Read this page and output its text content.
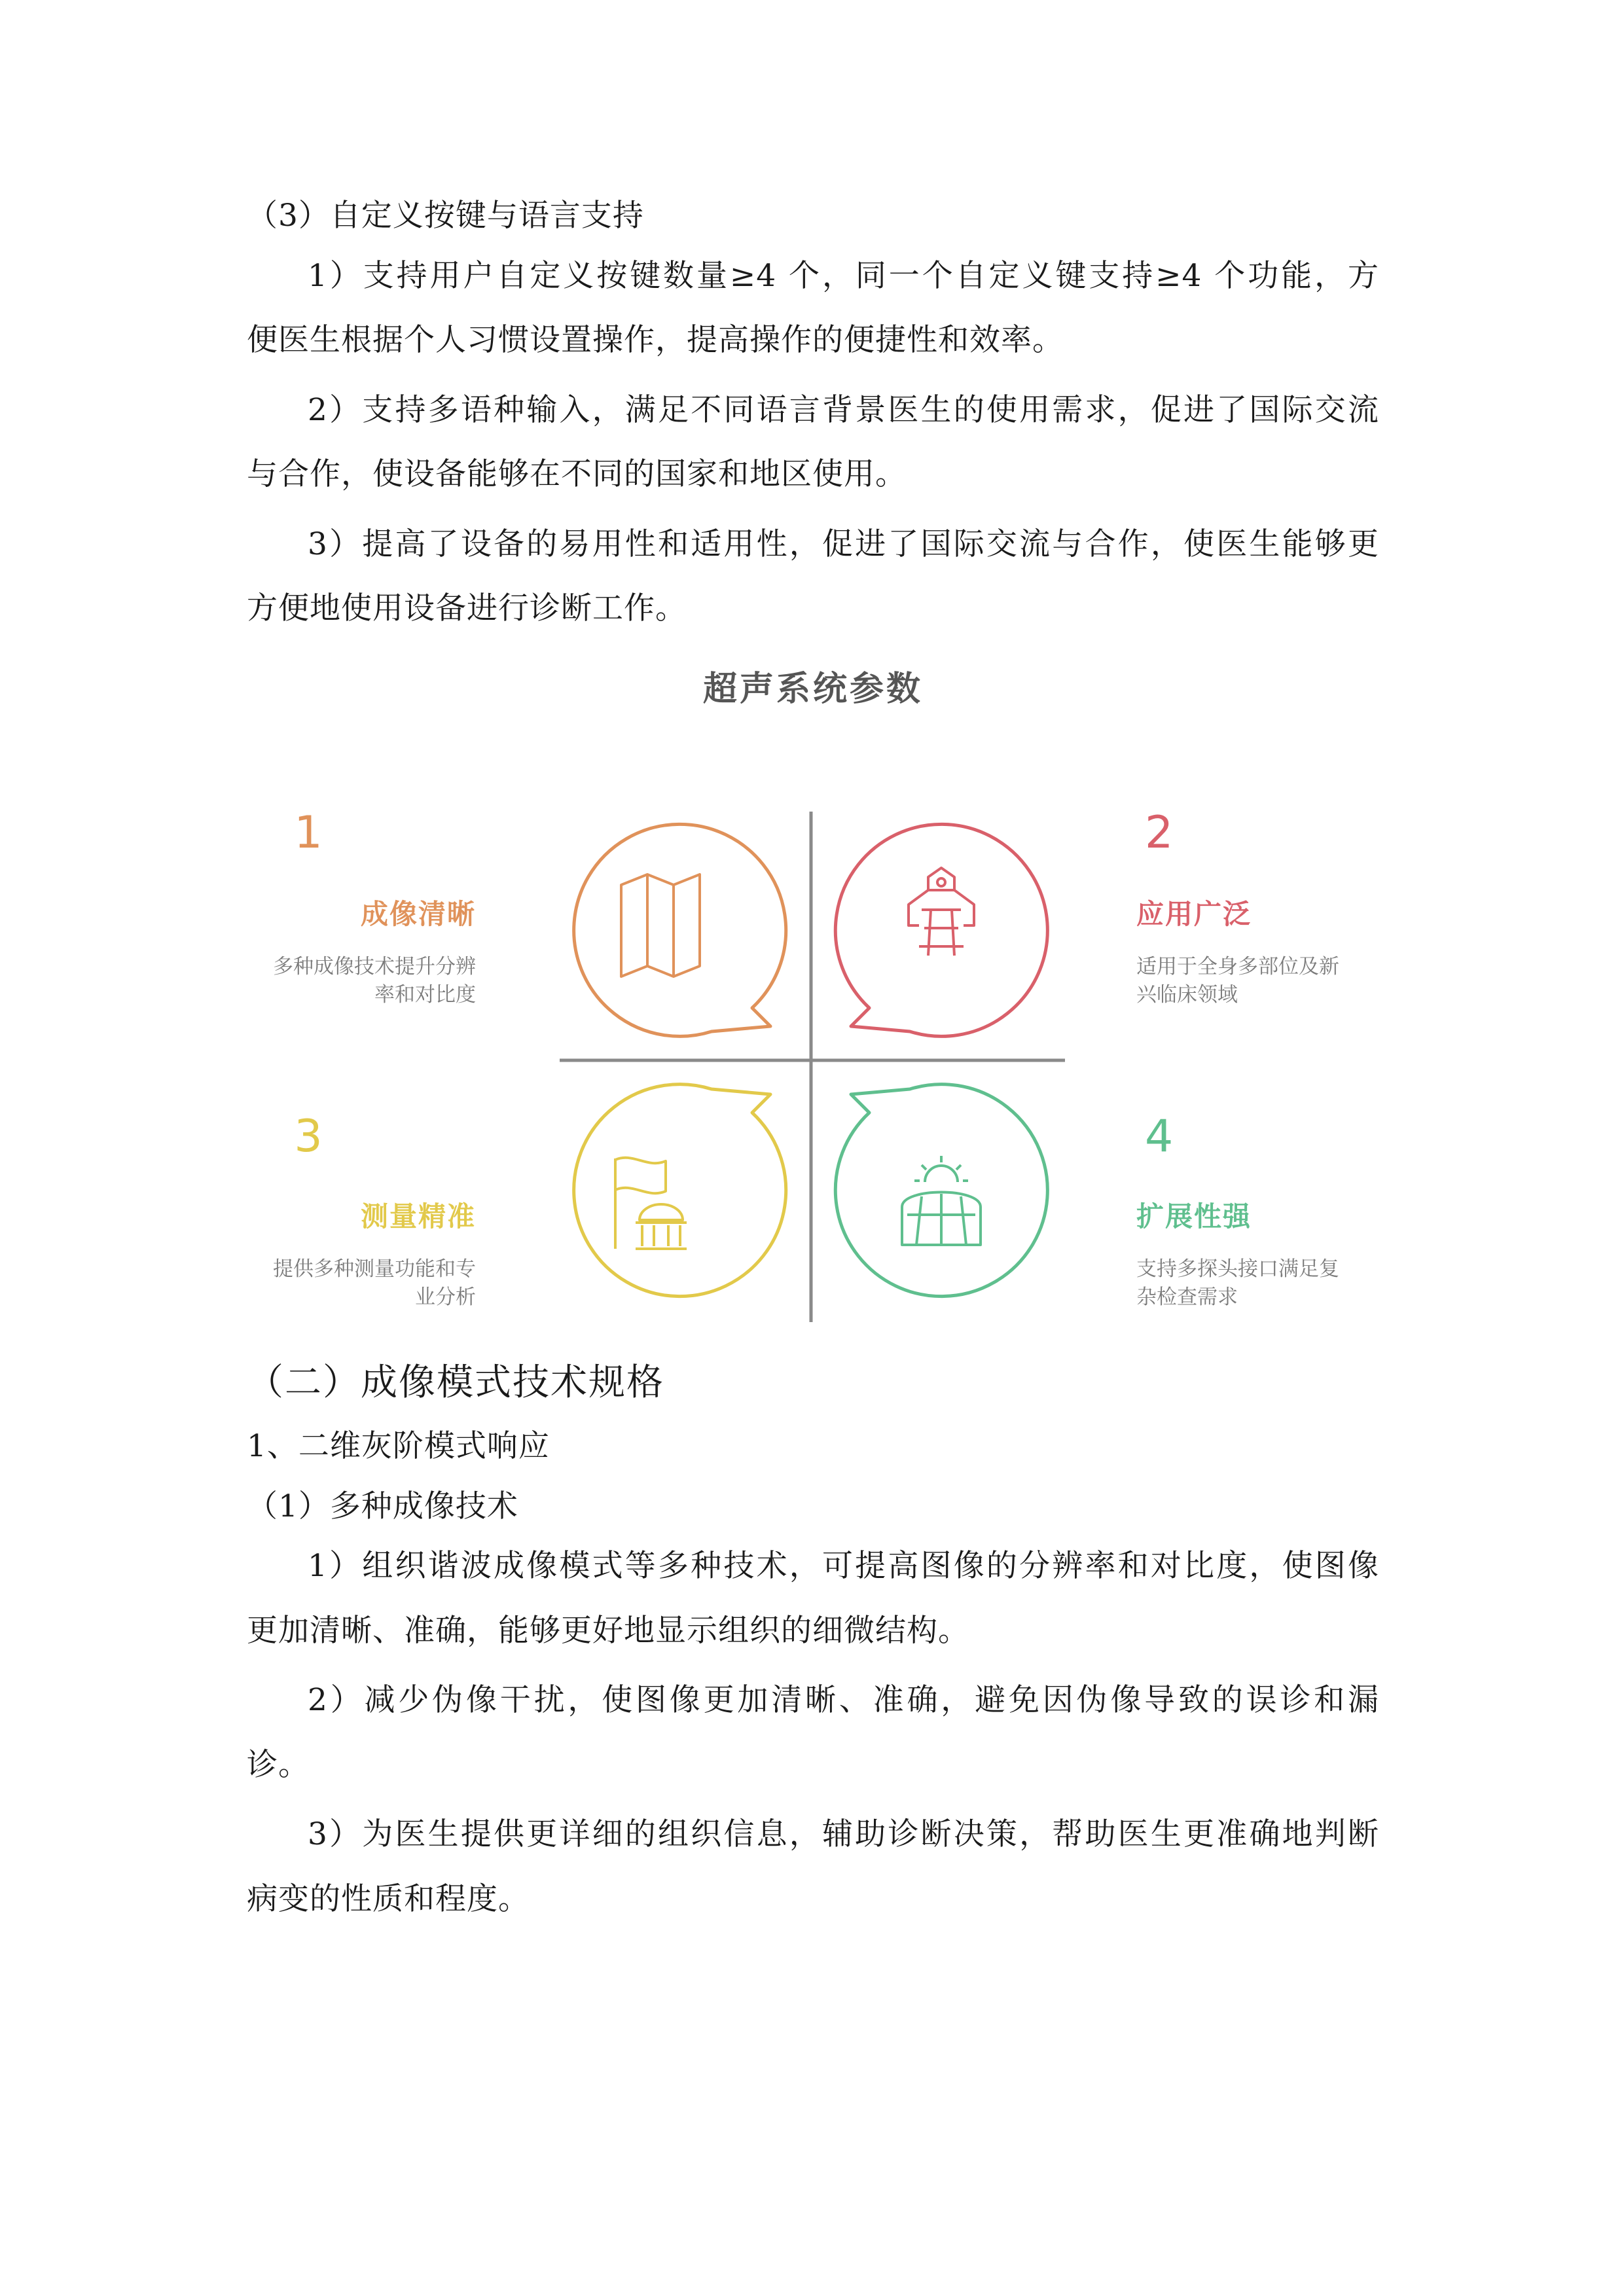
（3）自定义按键与语言支持
1）支持用户自定义按键数量≥4 个，同一个自定义键支持≥4 个功能，方
便医生根据个人习惯设置操作，提高操作的便捷性和效率。
2）支持多语种输入，满足不同语言背景医生的使用需求，促进了国际交流
与合作，使设备能够在不同的国家和地区使用。
3）提高了设备的易用性和适用性，促进了国际交流与合作，使医生能够更
方便地使用设备进行诊断工作。
超声系统参数
1
成像清晰
多种成像技术提升分辨
率和对比度
2
应用广泛
适用于全身多部位及新
兴临床领域
3
测量精准
提供多种测量功能和专
业分析
4
扩展性强
支持多探头接口满足复
杂检查需求
（二）成像模式技术规格
1、二维灰阶模式响应
（1）多种成像技术
1）组织谐波成像模式等多种技术，可提高图像的分辨率和对比度，使图像
更加清晰、准确，能够更好地显示组织的细微结构。
2）减少伪像干扰，使图像更加清晰、准确，避免因伪像导致的误诊和漏
诊。
3）为医生提供更详细的组织信息，辅助诊断决策，帮助医生更准确地判断
病变的性质和程度。
